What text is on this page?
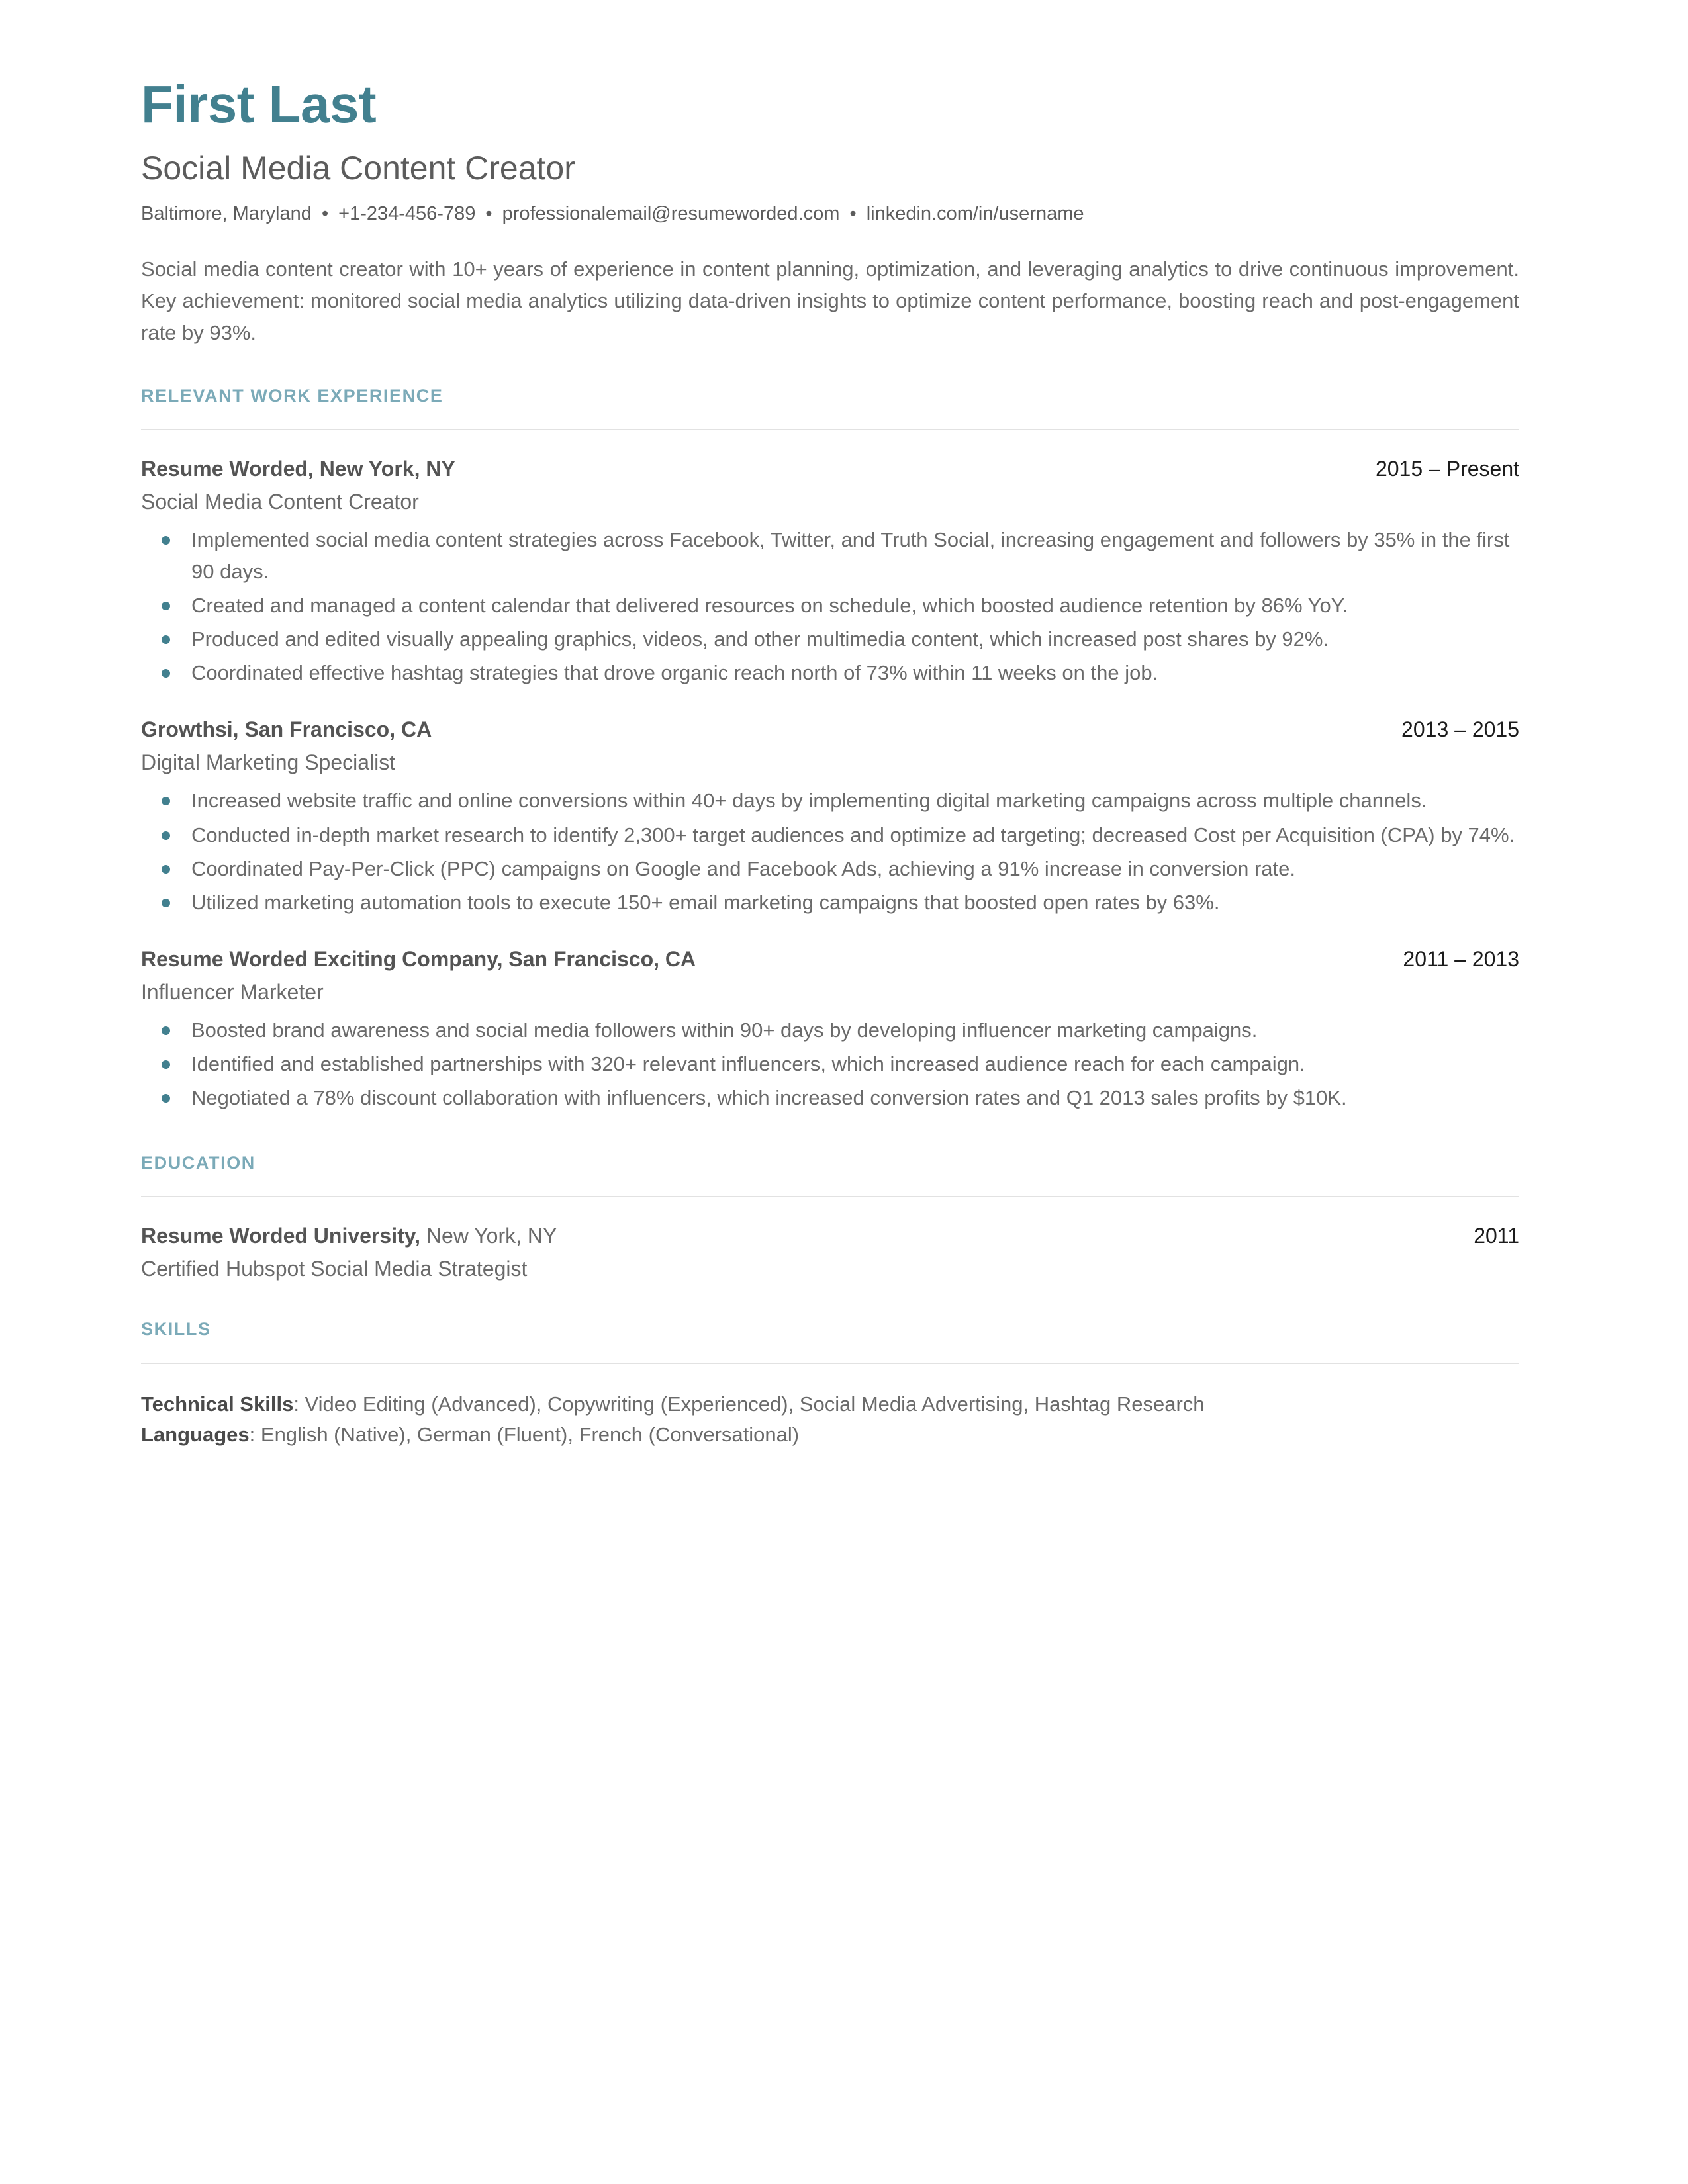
First Last
Social Media Content Creator
Baltimore, Maryland • +1-234-456-789 • professionalemail@resumeworded.com • linkedin.com/in/username

Social media content creator with 10+ years of experience in content planning, optimization, and leveraging analytics to drive continuous improvement. Key achievement: monitored social media analytics utilizing data-driven insights to optimize content performance, boosting reach and post-engagement rate by 93%.

RELEVANT WORK EXPERIENCE
Resume Worded, New York, NY	2015 – Present
Social Media Content Creator
Implemented social media content strategies across Facebook, Twitter, and Truth Social, increasing engagement and followers by 35% in the first 90 days.
Created and managed a content calendar that delivered resources on schedule, which boosted audience retention by 86% YoY.
Produced and edited visually appealing graphics, videos, and other multimedia content, which increased post shares by 92%.
Coordinated effective hashtag strategies that drove organic reach north of 73% within 11 weeks on the job.
Growthsi, San Francisco, CA	2013 – 2015
Digital Marketing Specialist
Increased website traffic and online conversions within 40+ days by implementing digital marketing campaigns across multiple channels.
Conducted in-depth market research to identify 2,300+ target audiences and optimize ad targeting; decreased Cost per Acquisition (CPA) by 74%.
Coordinated Pay-Per-Click (PPC) campaigns on Google and Facebook Ads, achieving a 91% increase in conversion rate.
Utilized marketing automation tools to execute 150+ email marketing campaigns that boosted open rates by 63%.
Resume Worded Exciting Company, San Francisco, CA	2011 – 2013
Influencer Marketer
Boosted brand awareness and social media followers within 90+ days by developing influencer marketing campaigns.
Identified and established partnerships with 320+ relevant influencers, which increased audience reach for each campaign.
Negotiated a 78% discount collaboration with influencers, which increased conversion rates and Q1 2013 sales profits by $10K.
EDUCATION
Resume Worded University, New York, NY	2011
Certified Hubspot Social Media Strategist
SKILLS
Technical Skills: Video Editing (Advanced), Copywriting (Experienced), Social Media Advertising, Hashtag Research
Languages: English (Native), German (Fluent), French (Conversational)
